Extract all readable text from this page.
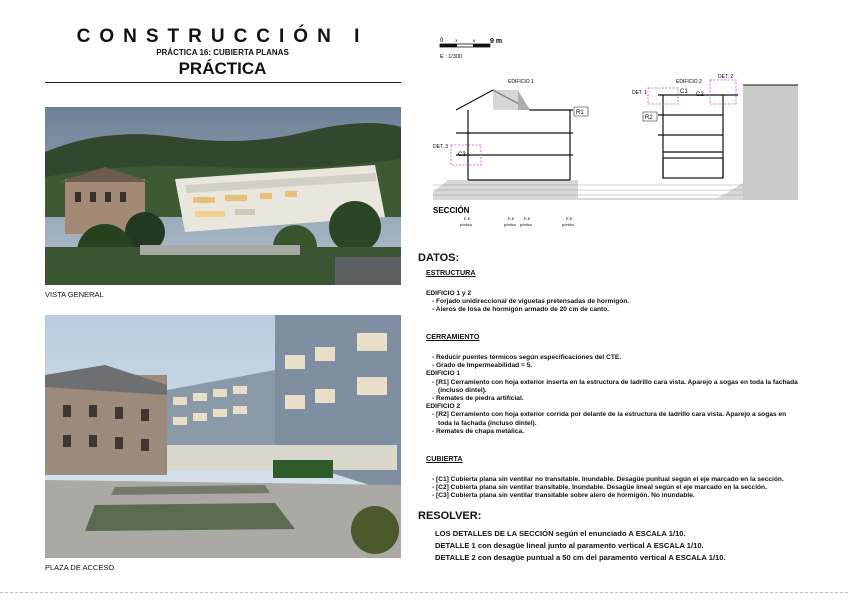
CONSTRUCCIÓN I
PRÁCTICA 16: CUBIERTA PLANAS
PRÁCTICA
VISTA GENERAL
PLAZA DE ACCESO
0	3	6 9 m
E : 1/300
EDIFICIO 1	EDIFICIO 2
R1
R2
DET. 1
DET. 2
DET. 3
C1 C2
C3
SECCIÓN
E.E
pórtico
E.E
pórtico
E.E
pórtico
E.E
pórtico
DATOS:
ESTRUCTURA
EDIFICIO 1 y 2
- Forjado unidireccional de viguetas pretensadas de hormigón.
- Aleros de losa de hormigón armado de 20 cm de canto.
CERRAMIENTO
- Reducir puentes térmicos según especificaciones del CTE.
- Grado de Impermeabilidad = 5.
EDIFICIO 1
- [R1] Cerramiento con hoja exterior inserta en la estructura de ladrillo cara vista. Aparejo a sogas en toda la fachada
(incluso dintel).
- Remates de piedra artificial.
EDIFICIO 2
- [R2] Cerramiento con hoja exterior corrida por delante de la estructura de ladrillo cara vista. Aparejo a sogas en
toda la fachada (incluso dintel).
- Remates de chapa metálica.
CUBIERTA
- [C1] Cubierta plana sin ventilar no transitable. Inundable. Desagüe puntual según el eje marcado en la sección.
- [C2] Cubierta plana sin ventilar transitable. Inundable. Desagüe lineal según el eje marcado en la sección.
- [C3] Cubierta plana sin ventilar transitable sobre alero de hormigón. No inundable.
RESOLVER:
LOS DETALLES DE LA SECCIÓN según el enunciado A ESCALA 1/10.
DETALLE 1 con desagüe lineal junto al paramento vertical A ESCALA 1/10.
DETALLE 2 con desagüe puntual a 50 cm del paramento vertical A ESCALA 1/10.
